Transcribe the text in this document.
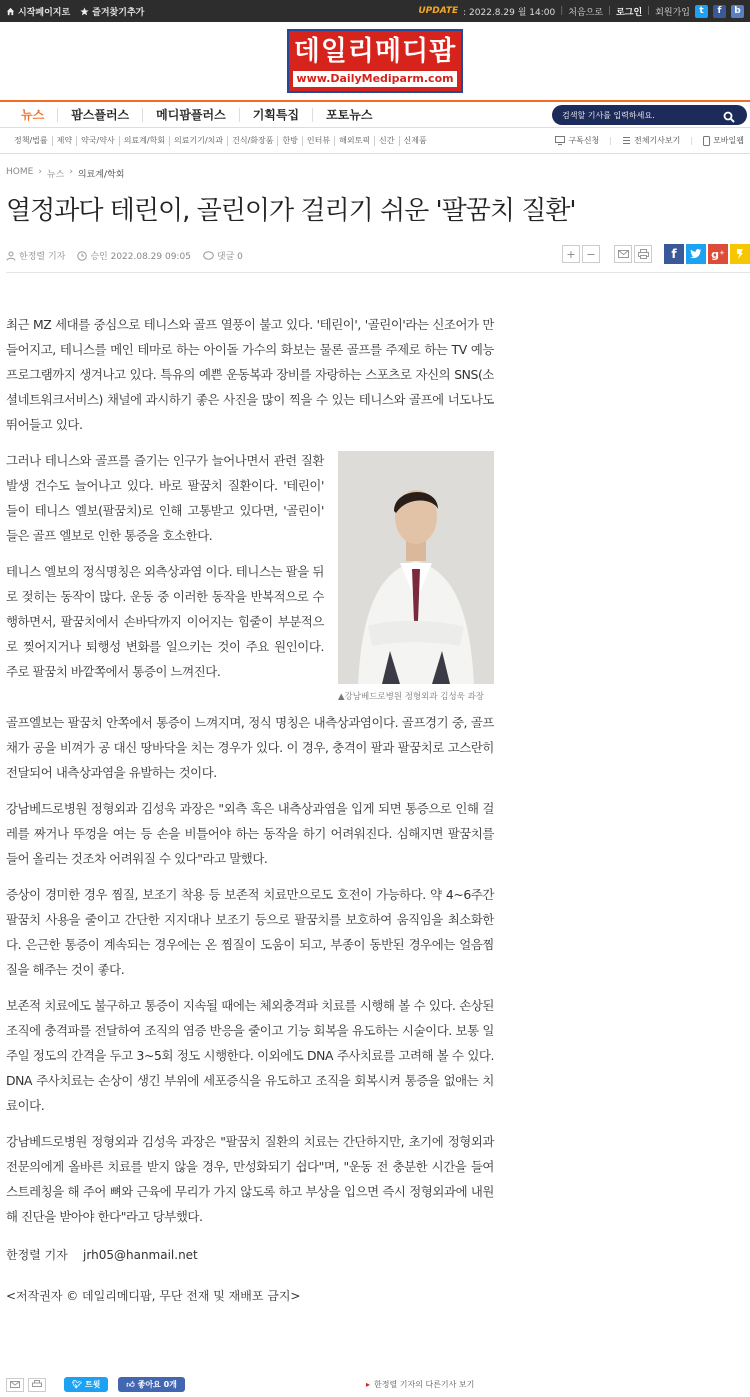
시작페이지로 즐겨찾기추가	UPDATE : 2022.8.29 월 14:00 | 처음으로 | 로그인 | 회원가입	t	f	b
데일리메디팜
www.DailyMediparm.com
뉴스	팜스플러스	메디팜플러스	기획특집	포토뉴스	검색할 기사를 입력하세요.
정책/법률	제약	약국/약사	의료계/학회	의료기기/치과	건식/화장품	한방	인터뷰	해외토픽	신간	신제품	구독신청 |	전체기사보기 |	모바일웹
HOME › 뉴스 › 의료계/학회
열정과다 테린이, 골린이가 걸리기 쉬운 '팔꿈치 질환'
한정렬 기자	승인 2022.08.29 09:05	댓글 0	+ −	f	g⁺

최근 MZ 세대를 중심으로 테니스와 골프 열풍이 불고 있다. '테린이', '골린이'라는 신조어가 만들어지고, 테니스를 메인 테마로 하는 아이돌 가수의 화보는 물론 골프를 주제로 하는 TV 예능 프로그램까지 생겨나고 있다. 특유의 예쁜 운동복과 장비를 자랑하는 스포츠로 자신의 SNS(소셜네트워크서비스) 채널에 과시하기 좋은 사진을 많이 찍을 수 있는 테니스와 골프에 너도나도 뛰어들고 있다.

▲강남베드로병원 정형외과 김성욱 과장

그러나 테니스와 골프를 즐기는 인구가 늘어나면서 관련 질환 발생 건수도 늘어나고 있다. 바로 팔꿈치 질환이다. '테린이' 들이 테니스 엘보(팔꿈치)로 인해 고통받고 있다면, '골린이' 들은 골프 엘보로 인한 통증을 호소한다.

테니스 엘보의 정식명칭은 외측상과염 이다. 테니스는 팔을 뒤로 젖히는 동작이 많다. 운동 중 이러한 동작을 반복적으로 수행하면서, 팔꿈치에서 손바닥까지 이어지는 힘줄이 부분적으로 찢어지거나 퇴행성 변화를 일으키는 것이 주요 원인이다. 주로 팔꿈치 바깥쪽에서 통증이 느껴진다.

골프엘보는 팔꿈치 안쪽에서 통증이 느껴지며, 정식 명칭은 내측상과염이다. 골프경기 중, 골프채가 공을 비껴가 공 대신 땅바닥을 치는 경우가 있다. 이 경우, 충격이 팔과 팔꿈치로 고스란히 전달되어 내측상과염을 유발하는 것이다.

강남베드로병원 정형외과 김성욱 과장은 "외측 혹은 내측상과염을 입게 되면 통증으로 인해 걸레를 짜거나 뚜껑을 여는 등 손을 비틀어야 하는 동작을 하기 어려워진다. 심해지면 팔꿈치를 들어 올리는 것조차 어려워질 수 있다"라고 말했다.

증상이 경미한 경우 찜질, 보조기 착용 등 보존적 치료만으로도 호전이 가능하다. 약 4~6주간 팔꿈치 사용을 줄이고 간단한 지지대나 보조기 등으로 팔꿈치를 보호하여 움직임을 최소화한다. 은근한 통증이 계속되는 경우에는 온 찜질이 도움이 되고, 부종이 동반된 경우에는 얼음찜질을 해주는 것이 좋다.

보존적 치료에도 불구하고 통증이 지속될 때에는 체외충격파 치료를 시행해 볼 수 있다. 손상된 조직에 충격파를 전달하여 조직의 염증 반응을 줄이고 기능 회복을 유도하는 시술이다. 보통 일주일 정도의 간격을 두고 3~5회 정도 시행한다. 이외에도 DNA 주사치료를 고려해 볼 수 있다. DNA 주사치료는 손상이 생긴 부위에 세포증식을 유도하고 조직을 회복시켜 통증을 없애는 치료이다.

강남베드로병원 정형외과 김성욱 과장은 "팔꿈치 질환의 치료는 간단하지만, 초기에 정형외과 전문의에게 올바른 치료를 받지 않을 경우, 만성화되기 쉽다"며, "운동 전 충분한 시간을 들여 스트레칭을 해 주어 뼈와 근육에 무리가 가지 않도록 하고 부상을 입으면 즉시 정형외과에 내원해 진단을 받아야 한다"라고 당부했다.

한정렬 기자 jrh05@hanmail.net
<저작권자 © 데일리메디팜, 무단 전재 및 재배포 금지>
🐦︎ 트윗	👍︎ 좋아요 0개
▸	한정렬 기자의 다른기사 보기
